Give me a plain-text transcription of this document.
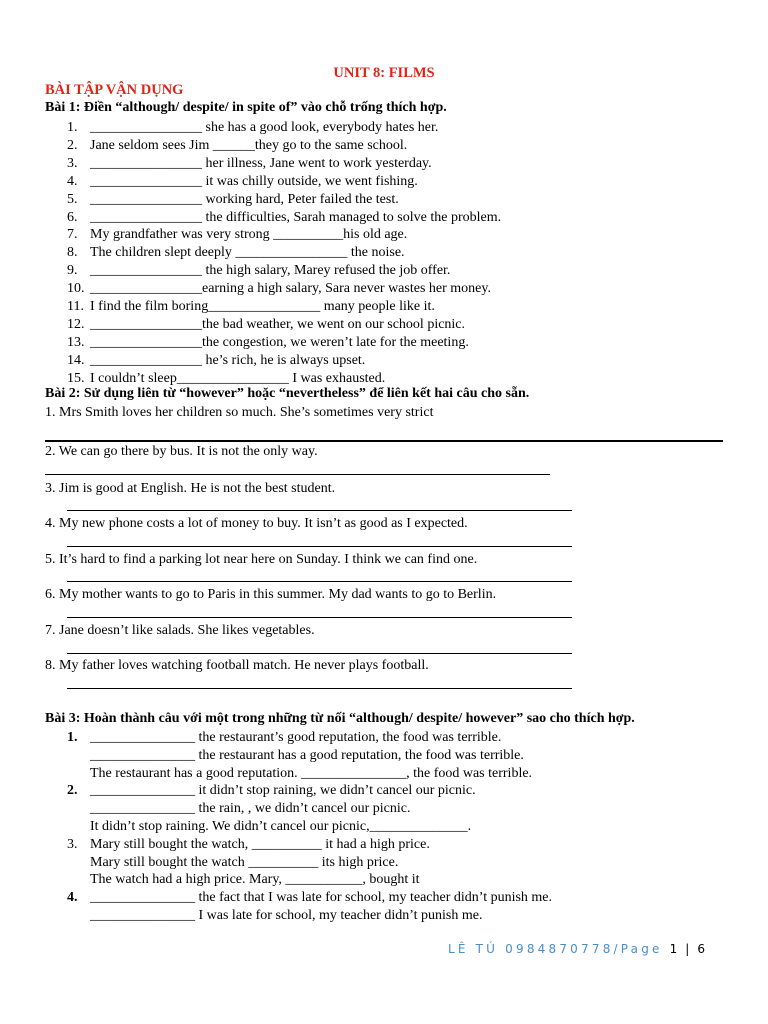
UNIT 8: FILMS
BÀI TẬP VẬN DỤNG
Bài 1: Điền “although/ despite/ in spite of” vào chỗ trống thích hợp.
1. ________________ she has a good look, everybody hates her.
2. Jane seldom sees Jim ______they go to the same school.
3. ________________ her illness, Jane went to work yesterday.
4. ________________ it was chilly outside, we went fishing.
5. ________________ working hard, Peter failed the test.
6. ________________ the difficulties, Sarah managed to solve the problem.
7. My grandfather was very strong __________his old age.
8. The children slept deeply ________________ the noise.
9. ________________ the high salary, Marey refused the job offer.
10. ________________earning a high salary, Sara never wastes her money.
11. I find the film boring________________ many people like it.
12. ________________the bad weather, we went on our school picnic.
13. ________________the congestion, we weren’t late for the meeting.
14. ________________ he’s rich, he is always upset.
15. I couldn’t sleep________________ I was exhausted.
Bài 2: Sử dụng liên từ “however” hoặc “nevertheless” để liên kết hai câu cho sẵn.
1. Mrs Smith loves her children so much. She’s sometimes very strict
2. We can go there by bus. It is not the only way.
3. Jim is good at English. He is not the best student.
4. My new phone costs a lot of money to buy. It isn’t as good as I expected.
5. It’s hard to find a parking lot near here on Sunday. I think we can find one.
6. My mother wants to go to Paris in this summer. My dad wants to go to Berlin.
7. Jane doesn’t like salads. She likes vegetables.
8. My father loves watching football match. He never plays football.
Bài 3: Hoàn thành câu với một trong những từ nối “although/ despite/ however” sao cho thích hợp.
1. _______________ the restaurant’s good reputation, the food was terrible.
_______________ the restaurant has a good reputation, the food was terrible.
The restaurant has a good reputation. _______________, the food was terrible.
2. _______________ it didn’t stop raining, we didn’t cancel our picnic.
_______________ the rain, , we didn’t cancel our picnic.
It didn’t stop raining. We didn’t cancel our picnic,______________.
3. Mary still bought the watch, __________ it had a high price.
Mary still bought the watch __________ its high price.
The watch had a high price. Mary, ___________, bought it
4. _______________ the fact that I was late for school, my teacher didn’t punish me.
_______________ I was late for school, my teacher didn’t punish me.
LÊ TÚ 0984870778/Page 1 | 6
